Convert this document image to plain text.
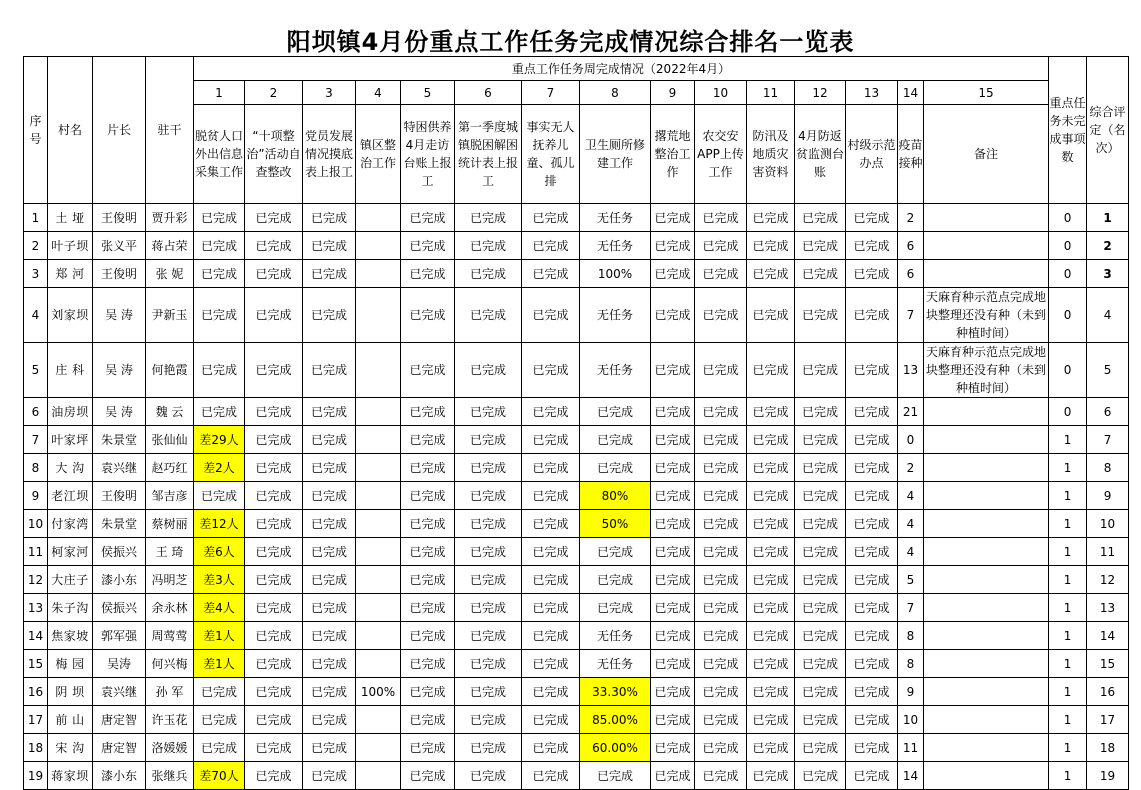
阳坝镇4月份重点工作任务完成情况综合排名一览表
序号	村名	片长	驻干	重点工作任务周完成情况（2022年4月）															重点任务未完成事项数	综合评定（名次）
				1	2	3	4	5	6	7	8	9	10	11	12	13	14	15		
				脱贫人口外出信息采集工作	“十项整治”活动自查整改	党员发展情况摸底表上报工	镇区整治工作	特困供养4月走访台账上报工	第一季度城镇脱困解困统计表上报工	事实无人抚养儿童、孤儿排	卫生厕所修建工作	撂荒地整治工作	农交安APP上传工作	防汛及地质灾害资料	4月防返贫监测台账	村级示范办点	疫苗接种	备注		
1	土 垭	王俊明	贾升彩	已完成	已完成	已完成		已完成	已完成	已完成	无任务	已完成	已完成	已完成	已完成	已完成	2		0	1
2	叶子坝	张义平	蒋占荣	已完成	已完成	已完成		已完成	已完成	已完成	无任务	已完成	已完成	已完成	已完成	已完成	6		0	2
3	郑 河	王俊明	张 妮	已完成	已完成	已完成		已完成	已完成	已完成	100%	已完成	已完成	已完成	已完成	已完成	6		0	3
4	刘家坝	吴 涛	尹新玉	已完成	已完成	已完成		已完成	已完成	已完成	无任务	已完成	已完成	已完成	已完成	已完成	7	天麻育种示范点完成地块整理还没有种（未到种植时间）	0	4
5	庄 科	吴 涛	何艳霞	已完成	已完成	已完成		已完成	已完成	已完成	无任务	已完成	已完成	已完成	已完成	已完成	13	天麻育种示范点完成地块整理还没有种（未到种植时间）	0	5
6	油房坝	吴 涛	魏 云	已完成	已完成	已完成		已完成	已完成	已完成	已完成	已完成	已完成	已完成	已完成	已完成	21		0	6
7	叶家坪	朱景堂	张仙仙	差29人	已完成	已完成		已完成	已完成	已完成	已完成	已完成	已完成	已完成	已完成	已完成	0		1	7
8	大 沟	袁兴继	赵巧红	差2人	已完成	已完成		已完成	已完成	已完成	已完成	已完成	已完成	已完成	已完成	已完成	2		1	8
9	老江坝	王俊明	邹吉彦	已完成	已完成	已完成		已完成	已完成	已完成	80%	已完成	已完成	已完成	已完成	已完成	4		1	9
10	付家湾	朱景堂	蔡树丽	差12人	已完成	已完成		已完成	已完成	已完成	50%	已完成	已完成	已完成	已完成	已完成	4		1	10
11	柯家河	侯振兴	王 琦	差6人	已完成	已完成		已完成	已完成	已完成	已完成	已完成	已完成	已完成	已完成	已完成	4		1	11
12	大庄子	漆小东	冯明芝	差3人	已完成	已完成		已完成	已完成	已完成	已完成	已完成	已完成	已完成	已完成	已完成	5		1	12
13	朱子沟	侯振兴	余永林	差4人	已完成	已完成		已完成	已完成	已完成	已完成	已完成	已完成	已完成	已完成	已完成	7		1	13
14	焦家坡	郭军强	周莺莺	差1人	已完成	已完成		已完成	已完成	已完成	无任务	已完成	已完成	已完成	已完成	已完成	8		1	14
15	梅 园	吴涛	何兴梅	差1人	已完成	已完成		已完成	已完成	已完成	无任务	已完成	已完成	已完成	已完成	已完成	8		1	15
16	阴 坝	袁兴继	孙 军	已完成	已完成	已完成	100%	已完成	已完成	已完成	33.30%	已完成	已完成	已完成	已完成	已完成	9		1	16
17	前 山	唐定智	许玉花	已完成	已完成	已完成		已完成	已完成	已完成	85.00%	已完成	已完成	已完成	已完成	已完成	10		1	17
18	宋 沟	唐定智	洛媛媛	已完成	已完成	已完成		已完成	已完成	已完成	60.00%	已完成	已完成	已完成	已完成	已完成	11		1	18
19	蒋家坝	漆小东	张继兵	差70人	已完成	已完成		已完成	已完成	已完成	已完成	已完成	已完成	已完成	已完成	已完成	14		1	19
